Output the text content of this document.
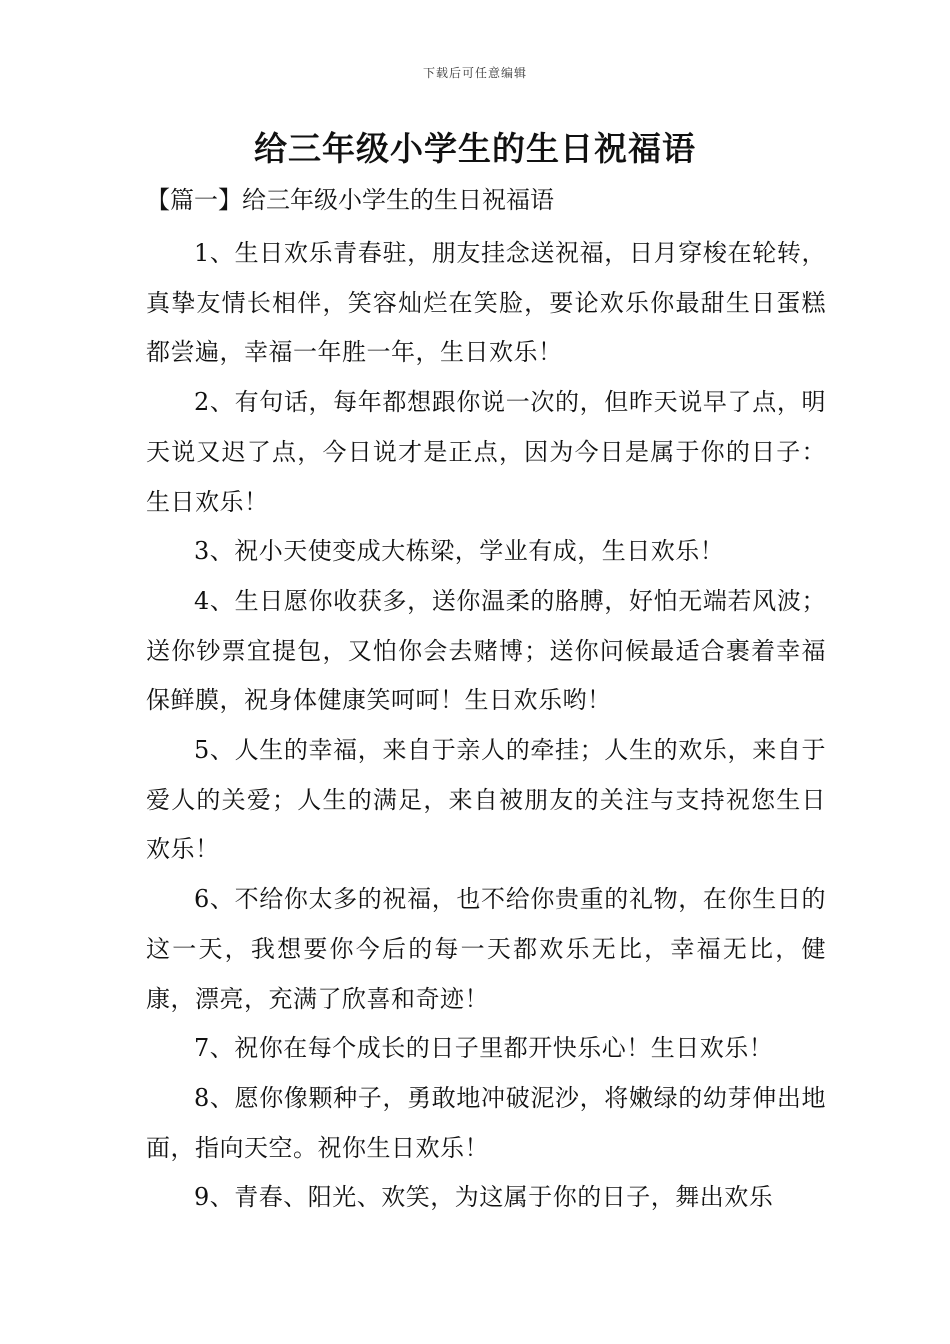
下载后可任意编辑
给三年级小学生的生日祝福语
【篇一】给三年级小学生的生日祝福语

1、生日欢乐青春驻，朋友挂念送祝福，日月穿梭在轮转，真挚友情长相伴，笑容灿烂在笑脸，要论欢乐你最甜生日蛋糕都尝遍，幸福一年胜一年，生日欢乐！

2、有句话，每年都想跟你说一次的，但昨天说早了点，明天说又迟了点，今日说才是正点，因为今日是属于你的日子：生日欢乐！

3、祝小天使变成大栋梁，学业有成，生日欢乐！

4、生日愿你收获多，送你温柔的胳膊，好怕无端若风波；送你钞票宜提包，又怕你会去赌博；送你问候最适合裹着幸福保鲜膜，祝身体健康笑呵呵！生日欢乐哟！

5、人生的幸福，来自于亲人的牵挂；人生的欢乐，来自于爱人的关爱；人生的满足，来自被朋友的关注与支持祝您生日欢乐！

6、不给你太多的祝福，也不给你贵重的礼物，在你生日的这一天，我想要你今后的每一天都欢乐无比，幸福无比，健康，漂亮，充满了欣喜和奇迹！

7、祝你在每个成长的日子里都开快乐心！生日欢乐！

8、愿你像颗种子，勇敢地冲破泥沙，将嫩绿的幼芽伸出地面，指向天空。祝你生日欢乐！

9、青春、阳光、欢笑，为这属于你的日子，舞出欢乐
